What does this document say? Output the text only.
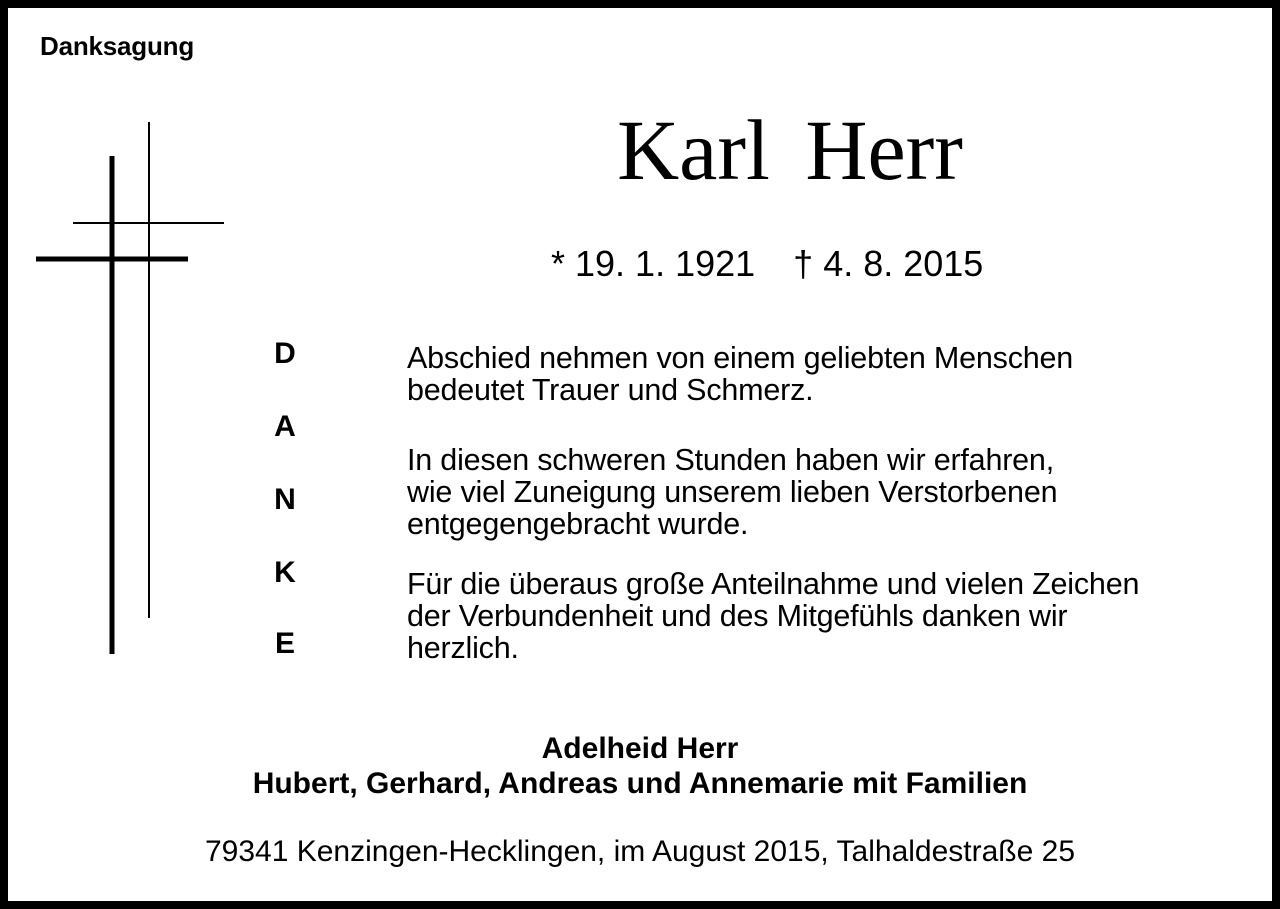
Danksagung
Karl Herr
* 19. 1. 1921 † 4. 8. 2015
D
A
N
K
E
Abschied nehmen von einem geliebten Menschen
bedeutet Trauer und Schmerz.
In diesen schweren Stunden haben wir erfahren,
wie viel Zuneigung unserem lieben Verstorbenen
entgegengebracht wurde.
Für die überaus große Anteilnahme und vielen Zeichen
der Verbundenheit und des Mitgefühls danken wir
herzlich.
Adelheid Herr
Hubert, Gerhard, Andreas und Annemarie mit Familien
79341 Kenzingen-Hecklingen, im August 2015, Talhaldestraße 25
